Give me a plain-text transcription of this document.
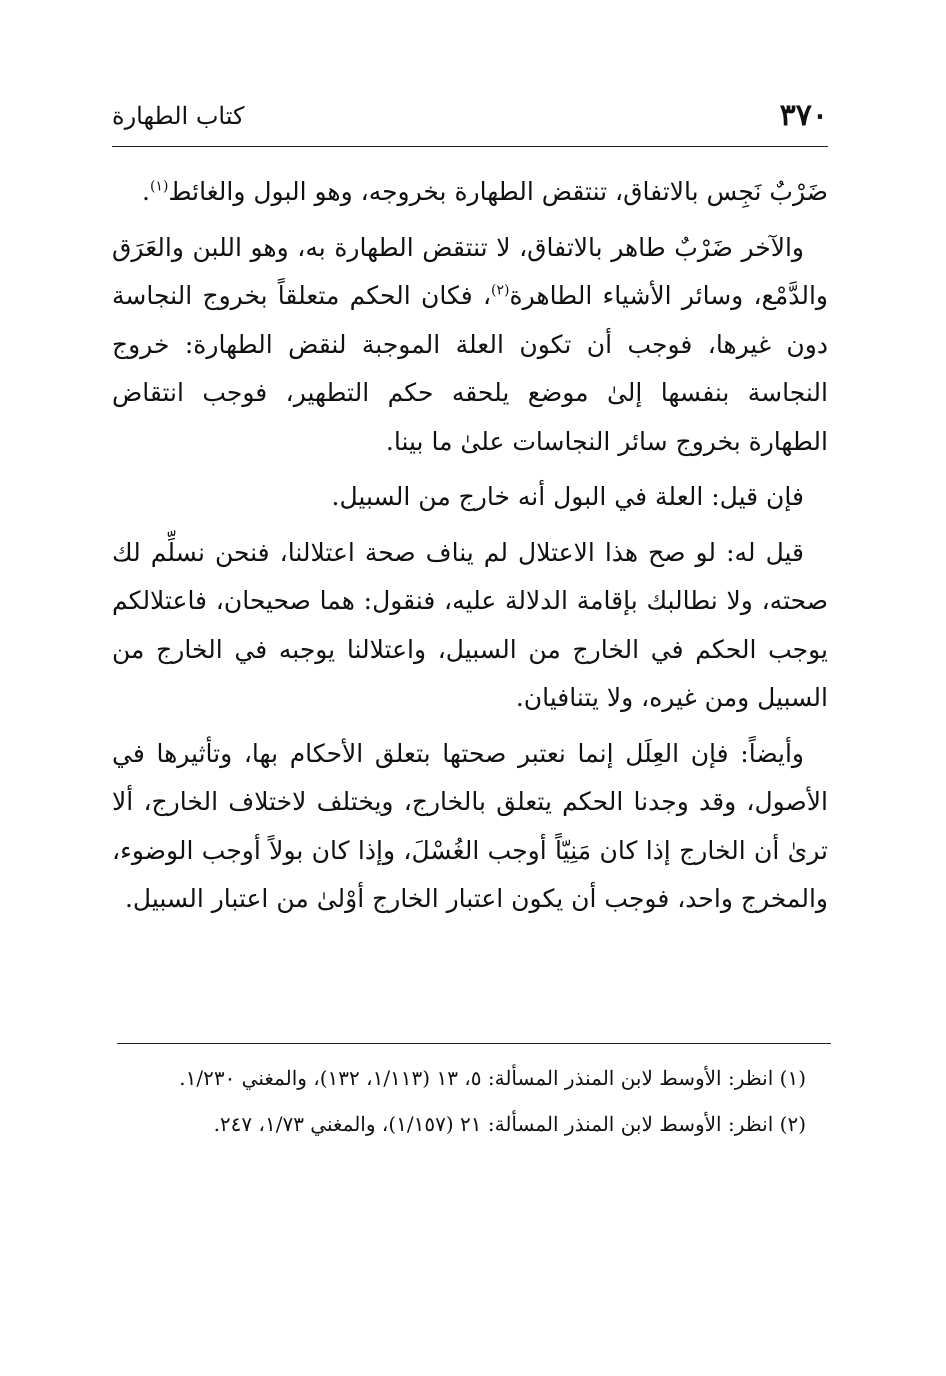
٣٧٠
كتاب الطهارة

ضَرْبٌ نَجِس بالاتفاق، تنتقض الطهارة بخروجه، وهو البول والغائط$^{(١)}$.

والآخر ضَرْبٌ طاهر بالاتفاق، لا تنتقض الطهارة به، وهو اللبن والعَرَق والدَّمْع، وسائر الأشياء الطاهرة$^{(٢)}$، فكان الحكم متعلقاً بخروج النجاسة دون غيرها، فوجب أن تكون العلة الموجبة لنقض الطهارة: خروج النجاسة بنفسها إلىٰ موضع يلحقه حكم التطهير، فوجب انتقاض الطهارة بخروج سائر النجاسات علىٰ ما بينا.

فإن قيل: العلة في البول أنه خارج من السبيل.

قيل له: لو صح هذا الاعتلال لم يناف صحة اعتلالنا، فنحن نسلِّم لك صحته، ولا نطالبك بإقامة الدلالة عليه، فنقول: هما صحيحان، فاعتلالكم يوجب الحكم في الخارج من السبيل، واعتلالنا يوجبه في الخارج من السبيل ومن غيره، ولا يتنافيان.

وأيضاً: فإن العِلَل إنما نعتبر صحتها بتعلق الأحكام بها، وتأثيرها في الأصول، وقد وجدنا الحكم يتعلق بالخارج، ويختلف لاختلاف الخارج، ألا ترىٰ أن الخارج إذا كان مَنِيّاً أوجب الغُسْلَ، وإذا كان بولاً أوجب الوضوء، والمخرج واحد، فوجب أن يكون اعتبار الخارج أوْلىٰ من اعتبار السبيل.

(١) انظر: الأوسط لابن المنذر المسألة: ٥، ١٣ (١/١١٣، ١٣٢)، والمغني ١/٢٣٠.

(٢) انظر: الأوسط لابن المنذر المسألة: ٢١ (١/١٥٧)، والمغني ١/٧٣، ٢٤٧.
